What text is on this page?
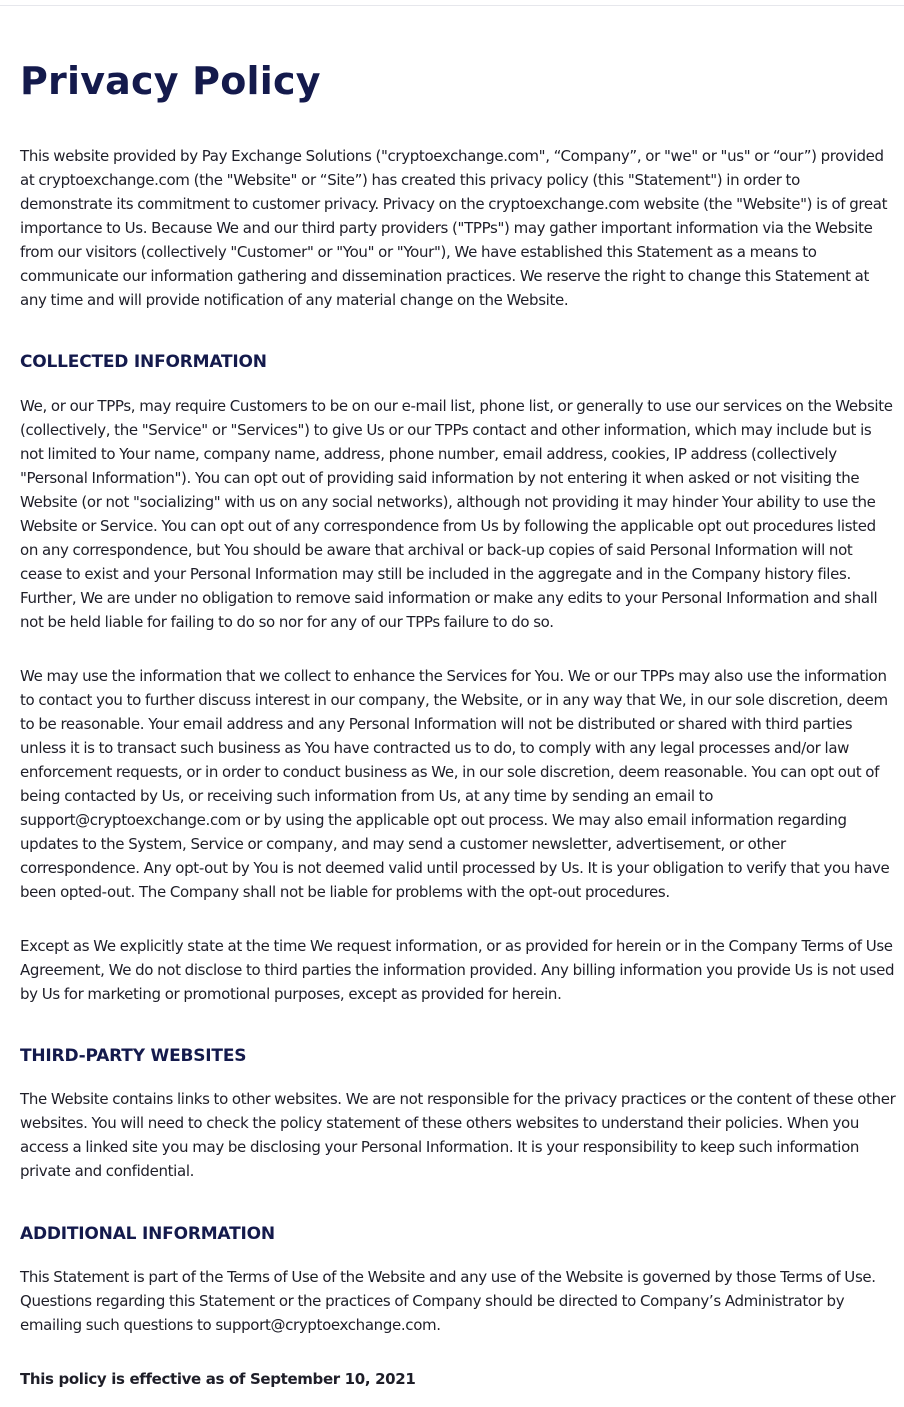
Privacy Policy

This website provided by Pay Exchange Solutions ("cryptoexchange.com", “Company”, or "we" or "us" or “our”) provided at cryptoexchange.com (the "Website" or “Site”) has created this privacy policy (this "Statement") in order to demonstrate its commitment to customer privacy. Privacy on the cryptoexchange.com website (the "Website") is of great importance to Us. Because We and our third party providers ("TPPs") may gather important information via the Website from our visitors (collectively "Customer" or "You" or "Your"), We have established this Statement as a means to communicate our information gathering and dissemination practices. We reserve the right to change this Statement at any time and will provide notification of any material change on the Website.

COLLECTED INFORMATION

We, or our TPPs, may require Customers to be on our e-mail list, phone list, or generally to use our services on the Website (collectively, the "Service" or "Services") to give Us or our TPPs contact and other information, which may include but is not limited to Your name, company name, address, phone number, email address, cookies, IP address (collectively "Personal Information"). You can opt out of providing said information by not entering it when asked or not visiting the Website (or not "socializing" with us on any social networks), although not providing it may hinder Your ability to use the Website or Service. You can opt out of any correspondence from Us by following the applicable opt out procedures listed on any correspondence, but You should be aware that archival or back-up copies of said Personal Information will not cease to exist and your Personal Information may still be included in the aggregate and in the Company history files. Further, We are under no obligation to remove said information or make any edits to your Personal Information and shall not be held liable for failing to do so nor for any of our TPPs failure to do so.

We may use the information that we collect to enhance the Services for You. We or our TPPs may also use the information to contact you to further discuss interest in our company, the Website, or in any way that We, in our sole discretion, deem to be reasonable. Your email address and any Personal Information will not be distributed or shared with third parties unless it is to transact such business as You have contracted us to do, to comply with any legal processes and/or law enforcement requests, or in order to conduct business as We, in our sole discretion, deem reasonable. You can opt out of being contacted by Us, or receiving such information from Us, at any time by sending an email to support@cryptoexchange.com or by using the applicable opt out process. We may also email information regarding updates to the System, Service or company, and may send a customer newsletter, advertisement, or other correspondence. Any opt-out by You is not deemed valid until processed by Us. It is your obligation to verify that you have been opted-out. The Company shall not be liable for problems with the opt-out procedures.

Except as We explicitly state at the time We request information, or as provided for herein or in the Company Terms of Use Agreement, We do not disclose to third parties the information provided. Any billing information you provide Us is not used by Us for marketing or promotional purposes, except as provided for herein.

THIRD-PARTY WEBSITES

The Website contains links to other websites. We are not responsible for the privacy practices or the content of these other websites. You will need to check the policy statement of these others websites to understand their policies. When you access a linked site you may be disclosing your Personal Information. It is your responsibility to keep such information private and confidential.

ADDITIONAL INFORMATION

This Statement is part of the Terms of Use of the Website and any use of the Website is governed by those Terms of Use. Questions regarding this Statement or the practices of Company should be directed to Company’s Administrator by emailing such questions to support@cryptoexchange.com.

This policy is effective as of September 10, 2021
